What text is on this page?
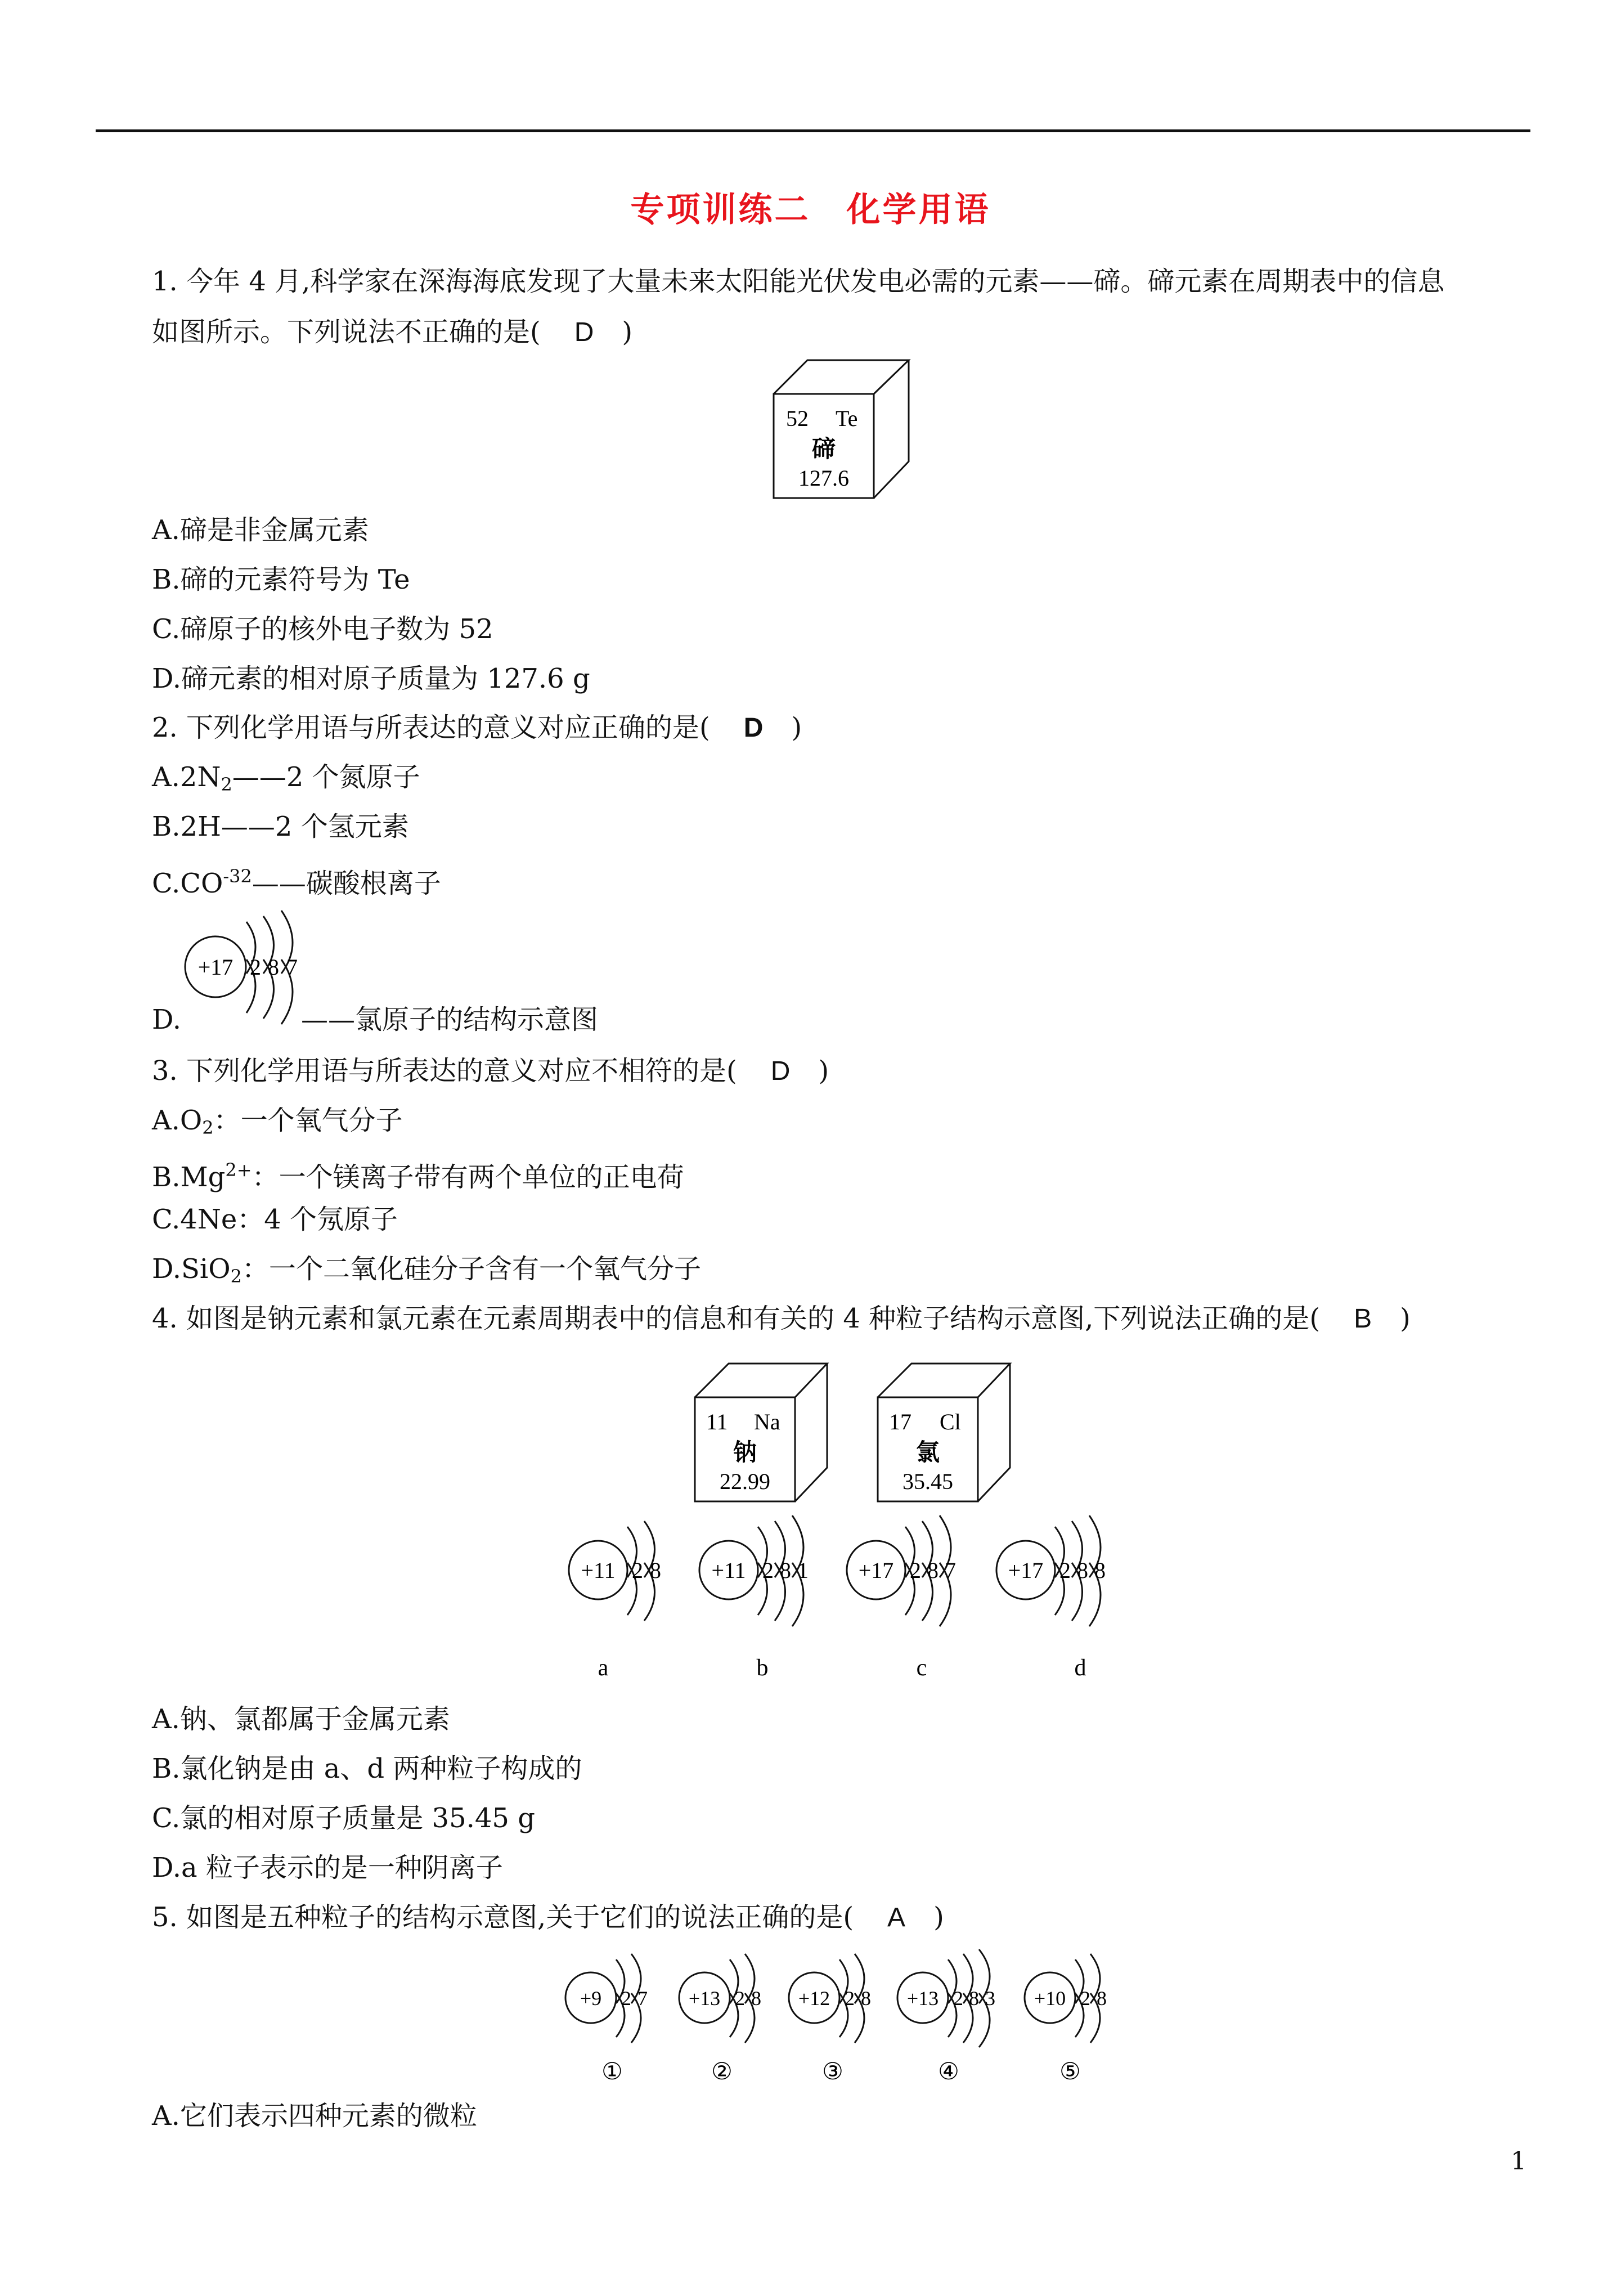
专项训练二　化学用语
1. 今年 4 月,科学家在深海海底发现了大量未来太阳能光伏发电必需的元素——碲。碲元素在周期表中的信息
如图所示。下列说法不正确的是( D )
52 Te
碲
127.6
A.碲是非金属元素
B.碲的元素符号为 Te
C.碲原子的核外电子数为 52
D.碲元素的相对原子质量为 127.6 g
2. 下列化学用语与所表达的意义对应正确的是( D )
$A.2N_2——2$ 个氮原子
B.2H——2 个氢元素
$C.CO^{-32}——$碳酸根离子
+17 2 8 7
D.	——氯原子的结构示意图
3. 下列化学用语与所表达的意义对应不相符的是( D )
$A.O_2$：一个氧气分子
$B.Mg^{2+}$：一个镁离子带有两个单位的正电荷
C.4Ne：4 个氖原子
D.SiO$_2$：一个二氧化硅分子含有一个氧气分子
4. 如图是钠元素和氯元素在元素周期表中的信息和有关的 4 种粒子结构示意图,下列说法正确的是( B )
11 Na
钠
22.99
17 Cl
氯
35.45
+11 2 8
a
+11 2 8 1
b
+17 2 8 7
c
+17 2 8 8
d
A.钠、氯都属于金属元素
B.氯化钠是由 a、d 两种粒子构成的
C.氯的相对原子质量是 35.45 g
D.a 粒子表示的是一种阴离子
5. 如图是五种粒子的结构示意图,关于它们的说法正确的是( A )
+9 2 7
①
+13 2 8
②
+12 2 8
③
+13 2 8 3
④
+10 2 8
⑤
A.它们表示四种元素的微粒
1
